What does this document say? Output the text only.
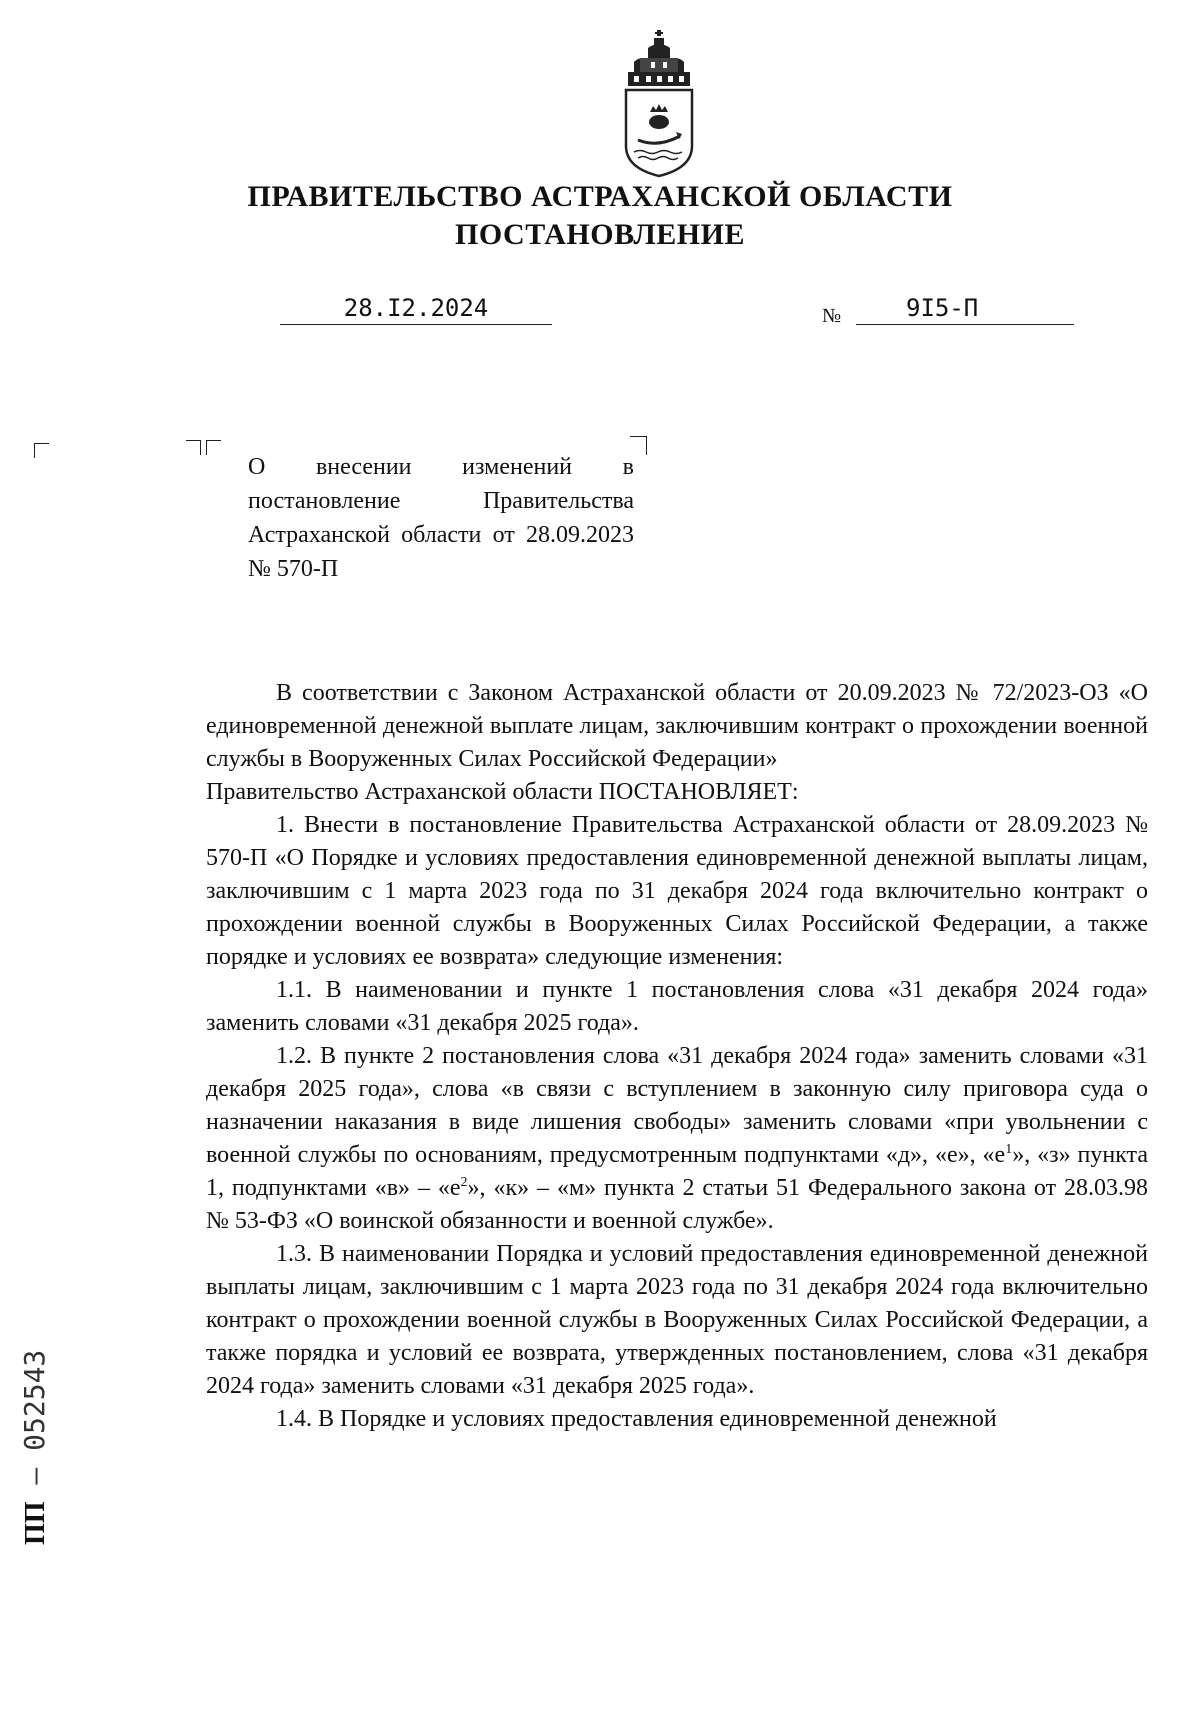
ПРАВИТЕЛЬСТВО АСТРАХАНСКОЙ ОБЛАСТИ
ПОСТАНОВЛЕНИЕ
28.I2.2024	№	9I5-П
О внесении изменений в постановление Правительства Астраханской области от 28.09.2023 № 570-П

В соответствии с Законом Астраханской области от 20.09.2023 № 72/2023-ОЗ «О единовременной денежной выплате лицам, заключившим контракт о прохождении военной службы в Вооруженных Силах Российской Федерации»

Правительство Астраханской области ПОСТАНОВЛЯЕТ:

1. Внести в постановление Правительства Астраханской области от 28.09.2023 № 570-П «О Порядке и условиях предоставления единовременной денежной выплаты лицам, заключившим с 1 марта 2023 года по 31 декабря 2024 года включительно контракт о прохождении военной службы в Вооруженных Силах Российской Федерации, а также порядке и условиях ее возврата» следующие изменения:

1.1. В наименовании и пункте 1 постановления слова «31 декабря 2024 года» заменить словами «31 декабря 2025 года».

1.2. В пункте 2 постановления слова «31 декабря 2024 года» заменить словами «31 декабря 2025 года», слова «в связи с вступлением в законную силу приговора суда о назначении наказания в виде лишения свободы» заменить словами «при увольнении с военной службы по основаниям, предусмотренным подпунктами «д», «е», «$е^1$», «з» пункта 1, подпунктами «в» – «$е^2$», «к» – «м» пункта 2 статьи 51 Федерального закона от 28.03.98 № 53-ФЗ «О воинской обязанности и военной службе».

1.3. В наименовании Порядка и условий предоставления единовременной денежной выплаты лицам, заключившим с 1 марта 2023 года по 31 декабря 2024 года включительно контракт о прохождении военной службы в Вооруженных Силах Российской Федерации, а также порядка и условий ее возврата, утвержденных постановлением, слова «31 декабря 2024 года» заменить словами «31 декабря 2025 года».

1.4. В Порядке и условиях предоставления единовременной денежной

ПП – 052543
